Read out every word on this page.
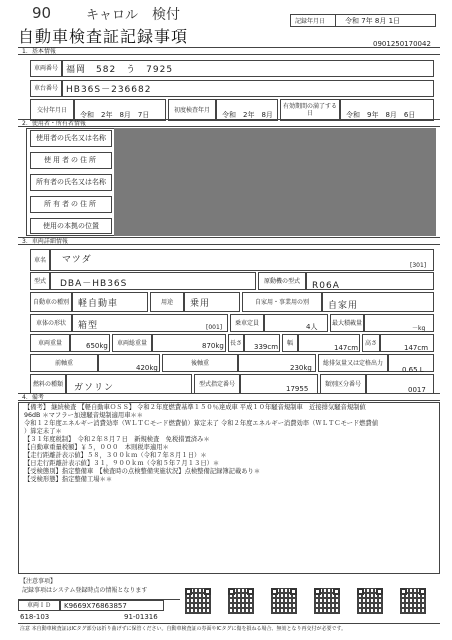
90	キャロル 検付	記録年月日	令和 7年 8月 1日
自動車検査証記録事項	0901250170042
1．基本情報
車両番号 福岡　582　う　7925
車台番号 HB36S－236682
交付年月日
令和　2年　8月　7日
初度検査年月
令和　2年　8月
有効期間の満了する日	令和　9年　8月　6日
2．使用者・所有者情報
使用者の氏名又は名称
使用者の住所
所有者の氏名又は名称
所有者の住所
使用の本拠の位置
3．車両詳細情報
車名	マツダ
[301]
型式	DBA－HB36S	原動機の型式	R06A
自動車の種別	軽自動車	用途	乗用	自家用・事業用の別	自家用
車体の形状	箱型	[001]
乗車定員	4人	最大積載量
－kg
車両重量	650kg	車両総重量	870kg	長さ 339cm	幅
147cm
高さ
147cm
前軸重
420kg
後軸重
230kg
総排気量又は定格出力
0.65 L
燃料の種類	ガソリン	型式指定番号
17955
類別区分番号
0017
4．備考
【備考】 継続検査 【軽自動車ＯＳＳ】 令和２年度燃費基準１５０％達成車 平成１０年騒音規制車　近接排気騒音規制値
96dB ＊マフラー加速騒音規制適用車＊＊
令和１２年度エネルギー消費効率（ＷＬＴＣモード燃費値）算定未了 令和２年度エネルギー消費効率（ＷＬＴＣモード燃費値
）算定未了＊
【３１年度税制】　令和２年８月７日　新規検査　免税措置済み＊
【自動車重量税額】￥５，０００　本則税率適用＊
【走行距離計表示値】５８，３００ｋｍ（令和７年８月１日）＊
【日走行距離計表示値】３１，９００ｋｍ（令和５年７月１３日）＊
【受検態別】指定整備車　【検査時の点検整備実施状況】点検整備記録簿記載あり＊
【受検形態】指定整備工場＊＊
【注意事項】
記録事項はシステム登録時点の情報となります
車両ＩＤ	K9669X76863857
618-103	91-01316
注意 本自動車検査証はICタグ部分は折り曲げずに保管ください。自動車検査証の券面やICタグに傷を損ねる場合、無効となり再交付が必要です。
